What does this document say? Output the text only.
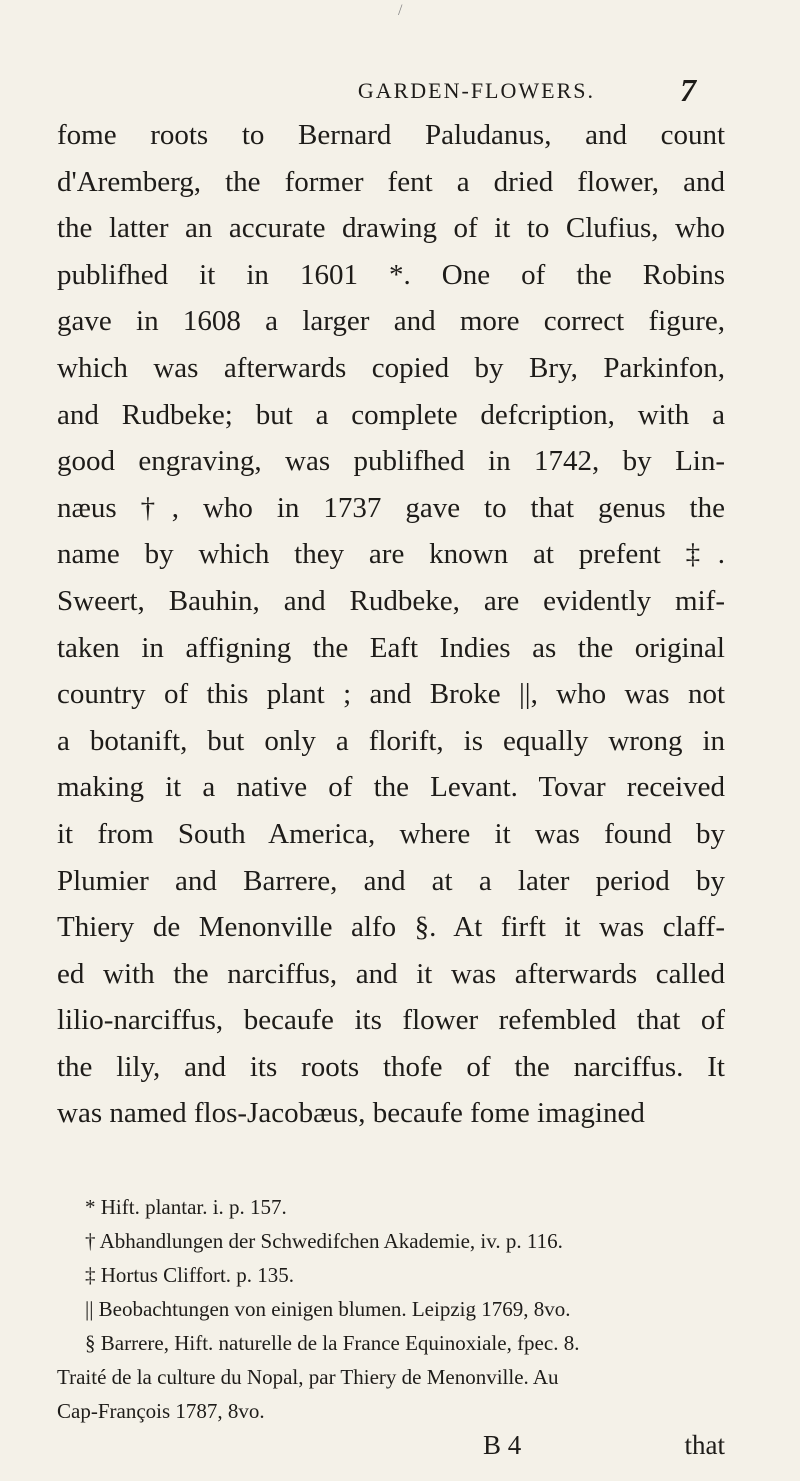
/
GARDEN-FLOWERS.	7
fome roots to Bernard Paludanus, and count
d'Aremberg, the former fent a dried flower, and
the latter an accurate drawing of it to Clufius, who
publifhed it in 1601 *. One of the Robins
gave in 1608 a larger and more correct figure,
which was afterwards copied by Bry, Parkinfon,
and Rudbeke; but a complete defcription, with a
good engraving, was publifhed in 1742, by Lin-
næus †, who in 1737 gave to that genus the
name by which they are known at prefent ‡.
Sweert, Bauhin, and Rudbeke, are evidently mif-
taken in affigning the Eaft Indies as the original
country of this plant ; and Broke ||, who was not
a botanift, but only a florift, is equally wrong in
making it a native of the Levant. Tovar received
it from South America, where it was found by
Plumier and Barrere, and at a later period by
Thiery de Menonville alfo §. At firft it was claff-
ed with the narciffus, and it was afterwards called
lilio-narciffus, becaufe its flower refembled that of
the lily, and its roots thofe of the narciffus. It
was named flos-Jacobæus, becaufe fome imagined
* Hift. plantar. i. p. 157.
† Abhandlungen der Schwedifchen Akademie, iv. p. 116.
‡ Hortus Cliffort. p. 135.
|| Beobachtungen von einigen blumen. Leipzig 1769, 8vo.
§ Barrere, Hift. naturelle de la France Equinoxiale, fpec. 8.
Traité de la culture du Nopal, par Thiery de Menonville. Au
Cap-François 1787, 8vo.
B 4	that
